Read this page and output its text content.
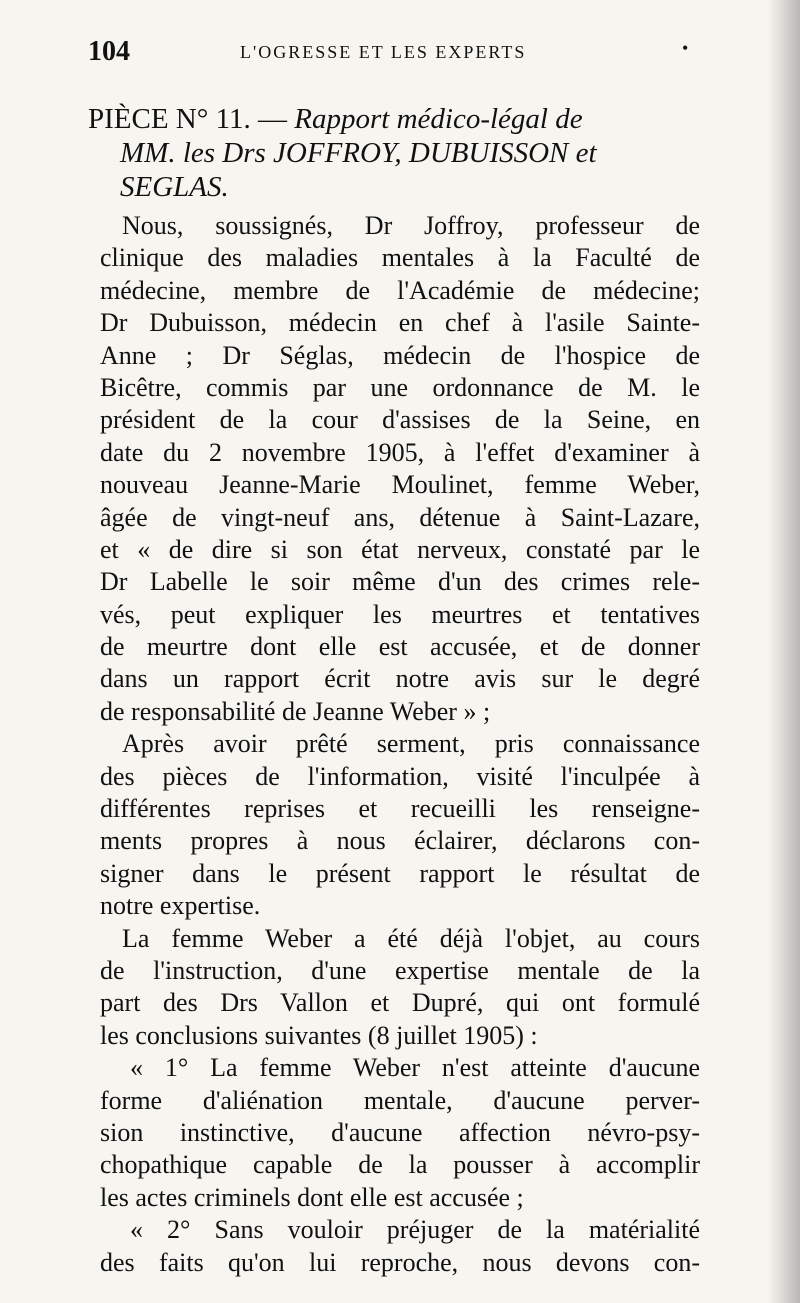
104	L'OGRESSE ET LES EXPERTS	•
PIÈCE N° 11. — Rapport médico-légal de
MM. les Drs JOFFROY, DUBUISSON et
SEGLAS.
Nous, soussignés, Dr Joffroy, professeur de
clinique des maladies mentales à la Faculté de
médecine, membre de l'Académie de médecine;
Dr Dubuisson, médecin en chef à l'asile Sainte-
Anne ; Dr Séglas, médecin de l'hospice de
Bicêtre, commis par une ordonnance de M. le
président de la cour d'assises de la Seine, en
date du 2 novembre 1905, à l'effet d'examiner à
nouveau Jeanne-Marie Moulinet, femme Weber,
âgée de vingt-neuf ans, détenue à Saint-Lazare,
et « de dire si son état nerveux, constaté par le
Dr Labelle le soir même d'un des crimes rele-
vés, peut expliquer les meurtres et tentatives
de meurtre dont elle est accusée, et de donner
dans un rapport écrit notre avis sur le degré
de responsabilité de Jeanne Weber » ;
Après avoir prêté serment, pris connaissance
des pièces de l'information, visité l'inculpée à
différentes reprises et recueilli les renseigne-
ments propres à nous éclairer, déclarons con-
signer dans le présent rapport le résultat de
notre expertise.
La femme Weber a été déjà l'objet, au cours
de l'instruction, d'une expertise mentale de la
part des Drs Vallon et Dupré, qui ont formulé
les conclusions suivantes (8 juillet 1905) :
« 1° La femme Weber n'est atteinte d'aucune
forme d'aliénation mentale, d'aucune perver-
sion instinctive, d'aucune affection névro-psy-
chopathique capable de la pousser à accomplir
les actes criminels dont elle est accusée ;
« 2° Sans vouloir préjuger de la matérialité
des faits qu'on lui reproche, nous devons con-
